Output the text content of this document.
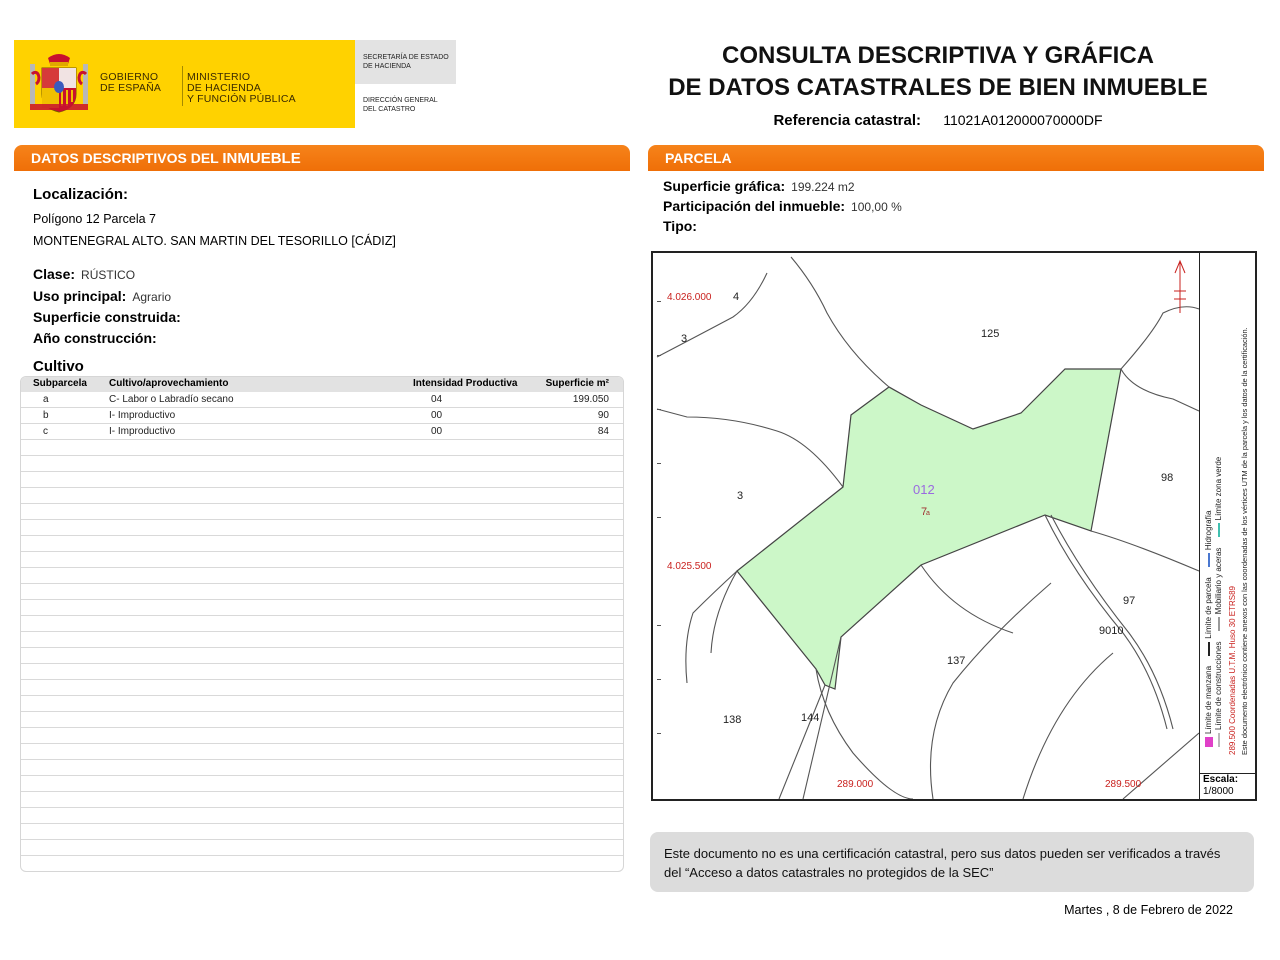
GOBIERNO
DE ESPAÑA
MINISTERIO
DE HACIENDA
Y FUNCIÓN PÚBLICA
SECRETARÍA DE ESTADO
DE HACIENDA
DIRECCIÓN GENERAL
DEL CATASTRO
CONSULTA DESCRIPTIVA Y GRÁFICA
DE DATOS CATASTRALES DE BIEN INMUEBLE
Referencia catastral: 11021A012000070000DF
DATOS DESCRIPTIVOS DEL INMUEBLE	PARCELA
Localización:
Polígono 12 Parcela 7
MONTENEGRAL ALTO. SAN MARTIN DEL TESORILLO [CÁDIZ]
Clase: RÚSTICO
Uso principal: Agrario
Superficie construida:
Año construcción:
Cultivo
Subparcela Cultivo/aprovechamiento	Intensidad Productiva	Superficie m²
a	C- Labor o Labradío secano	04	199.050
b	I- Improductivo	00	90
c	I- Improductivo	00	84
Superficie gráfica: 199.224 m2
Participación del inmueble: 100,00 %
Tipo:
4
3	125
3
98
97
9010
137
138	144
4.026.000
4.025.500
289.000	289.500
012
7
a
Límite de manzana Límite de parcela Hidrografía
Límite de construcciones Mobiliario y aceras Límite zona verde
289.500 Coordenadas U.T.M. Huso 30 ETRS89 Este documento electrónico contiene anexos con las coordenadas de los vértices UTM de la parcela y los datos de la certificación.
Escala:
1/8000
Este documento no es una certificación catastral, pero sus datos pueden ser verificados a través del “Acceso a datos catastrales no protegidos de la SEC”
Martes , 8 de Febrero de 2022
